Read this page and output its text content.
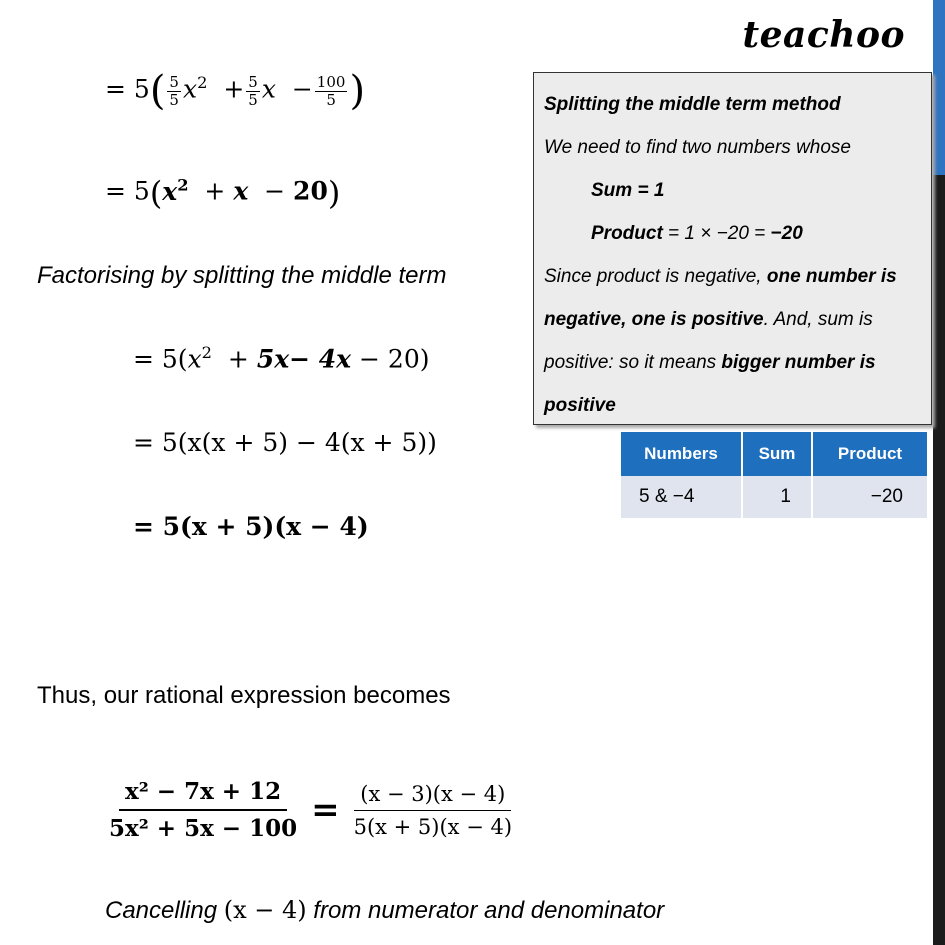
teachoo
= $5( \frac{5}{5} x^2 + \frac{5}{5}$ $x - \frac{100}{5}$ )
= $5(x^2 + x - 20)$
Factorising by splitting the middle term
= $5(x^2 + 5x- 4x - 20)$
= 5(x(x + 5) − 4(x + 5))
= 5(x + 5)(x − 4)

Splitting the middle term method

We need to find two numbers whose

Sum = 1

Product = 1 × −20 = −20

Since product is negative, one number is negative, one is positive. And, sum is positive: so it means bigger number is positive

Numbers	Sum	Product
5 & −4	1	−20
Thus, our rational expression becomes
$\frac{\text{x² − 7x + 12}}{\text{5x² + 5x − 100}} = \frac{(x - 3)(x - 4)}{5(x + 5)(x - 4)}$
Cancelling (x − 4) from numerator and denominator
